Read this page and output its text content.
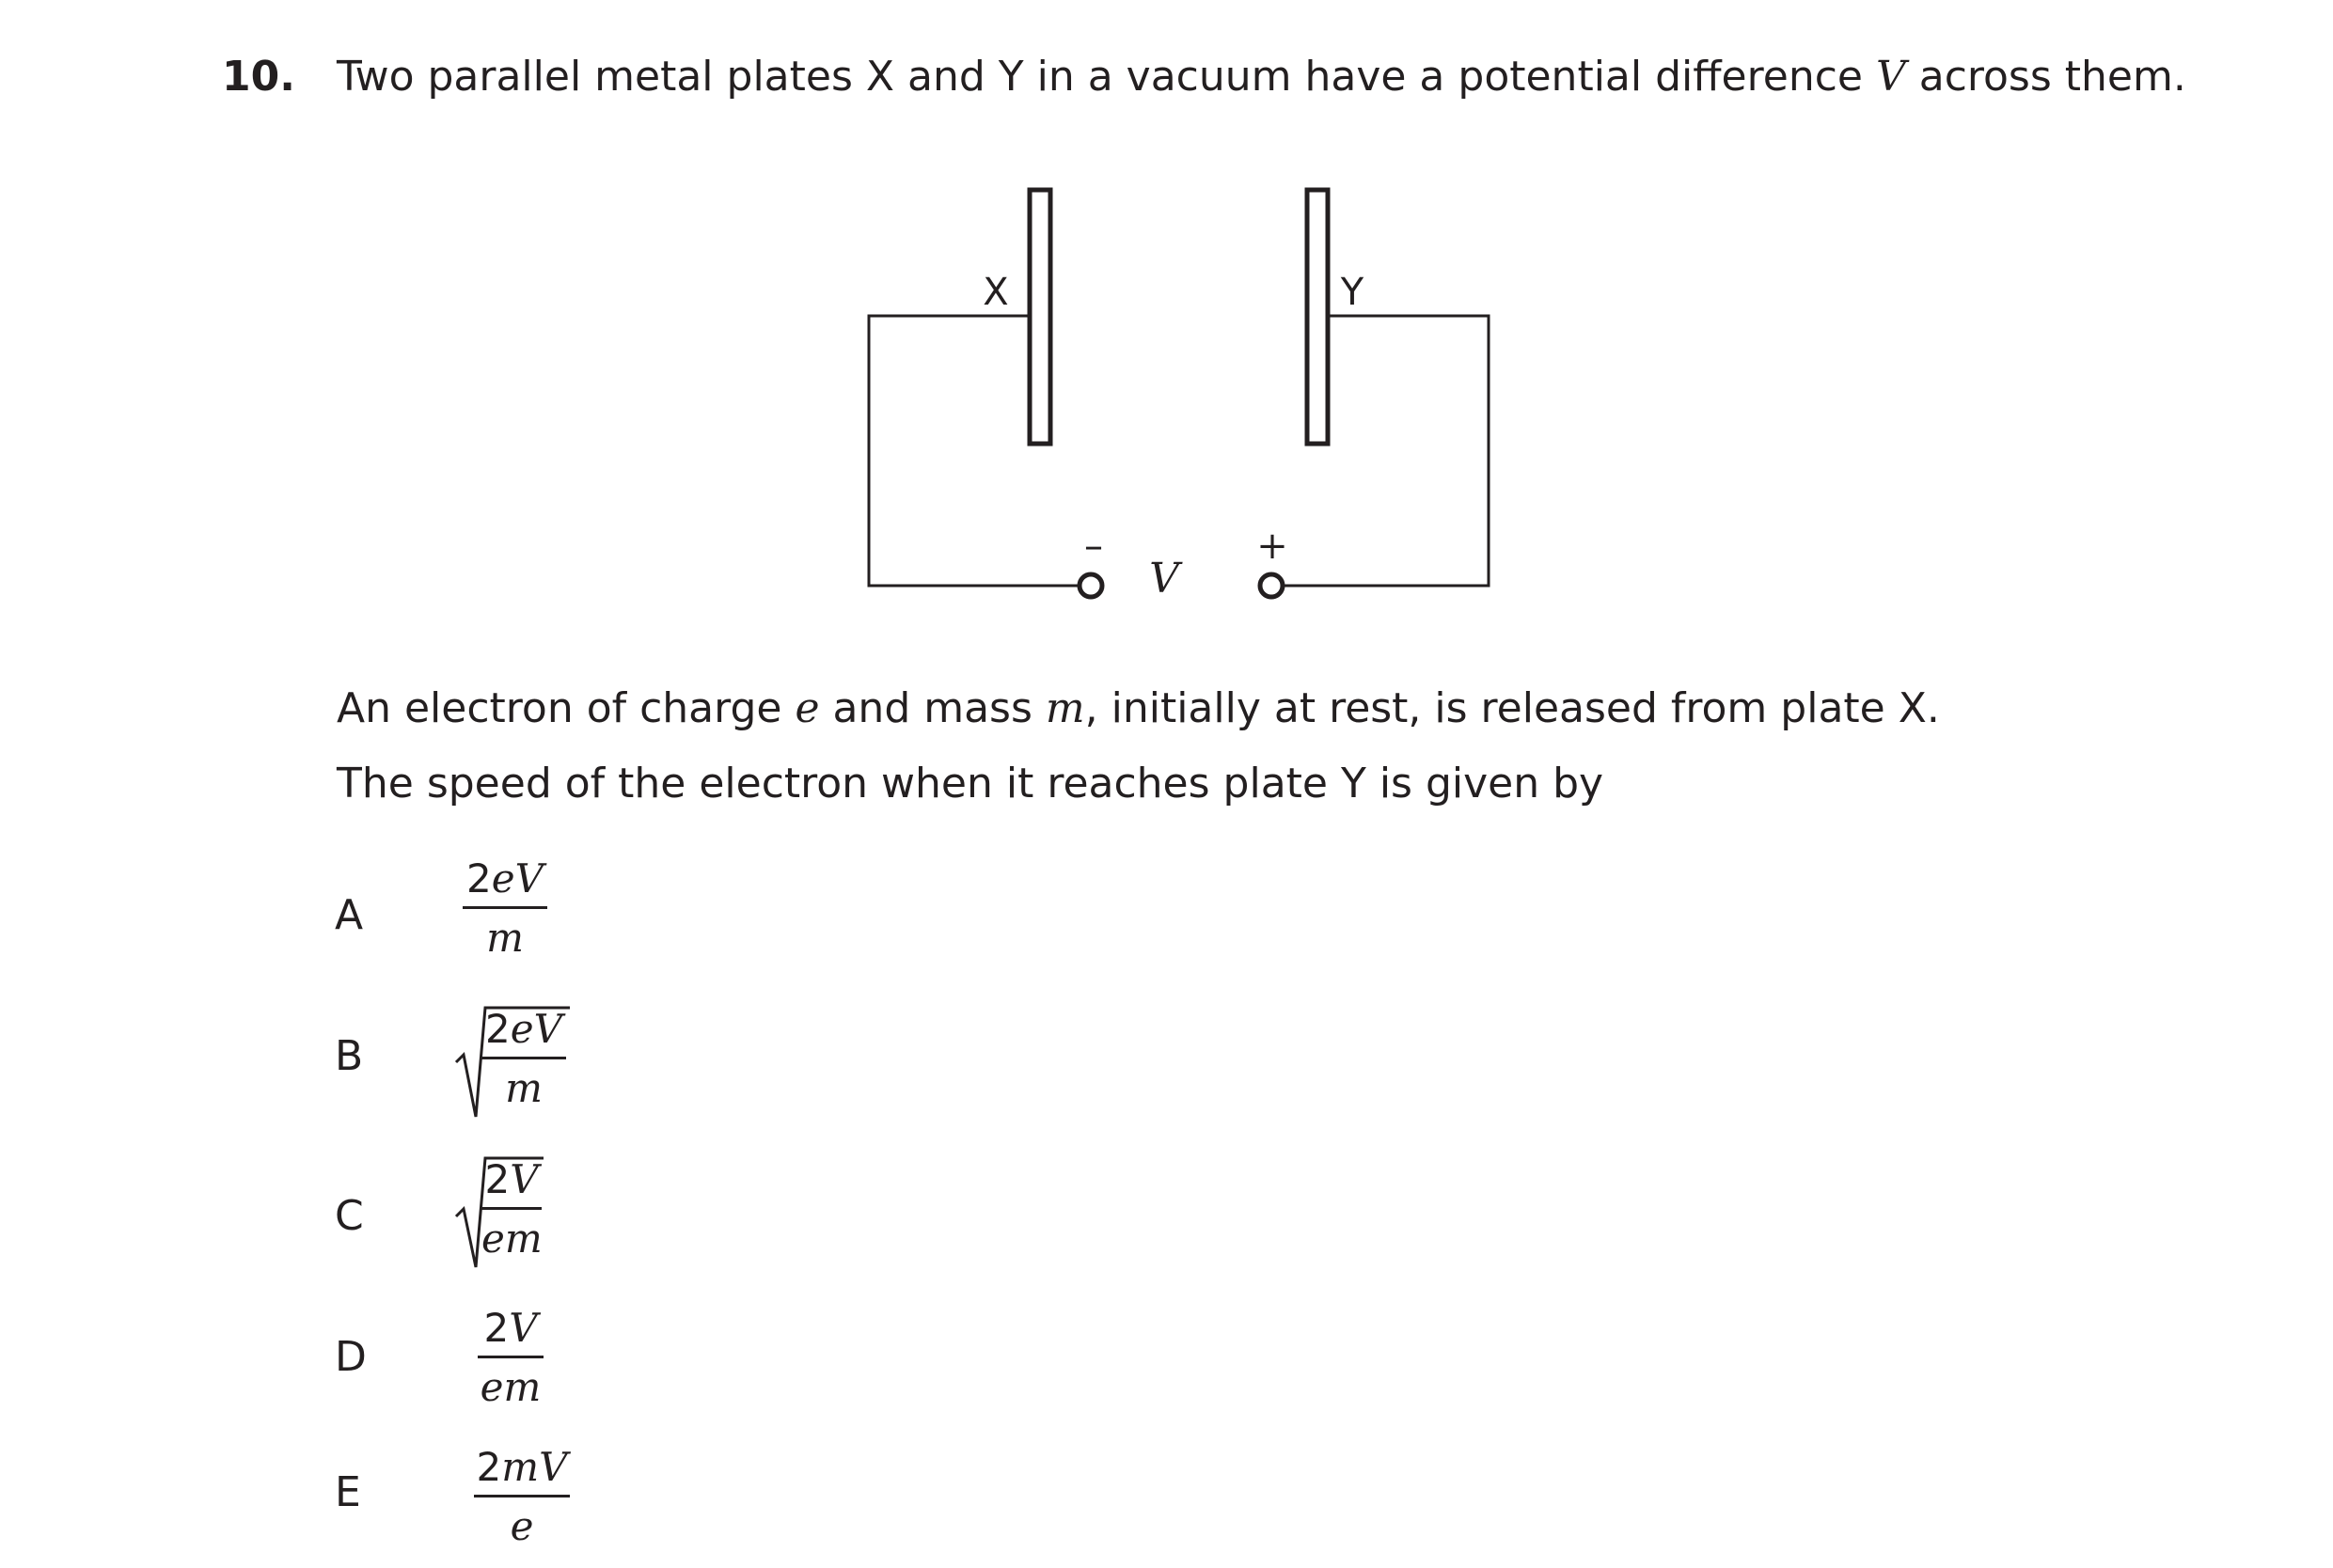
10. Two parallel metal plates X and Y in a vacuum have a potential difference V across them.
X	Y
–	+
V
An electron of charge e and mass m, initially at rest, is released from plate X.
The speed of the electron when it reaches plate Y is given by
A
2eV
m
B
2eV
m
C
2V
em
D
2V
em
E
2mV
e
